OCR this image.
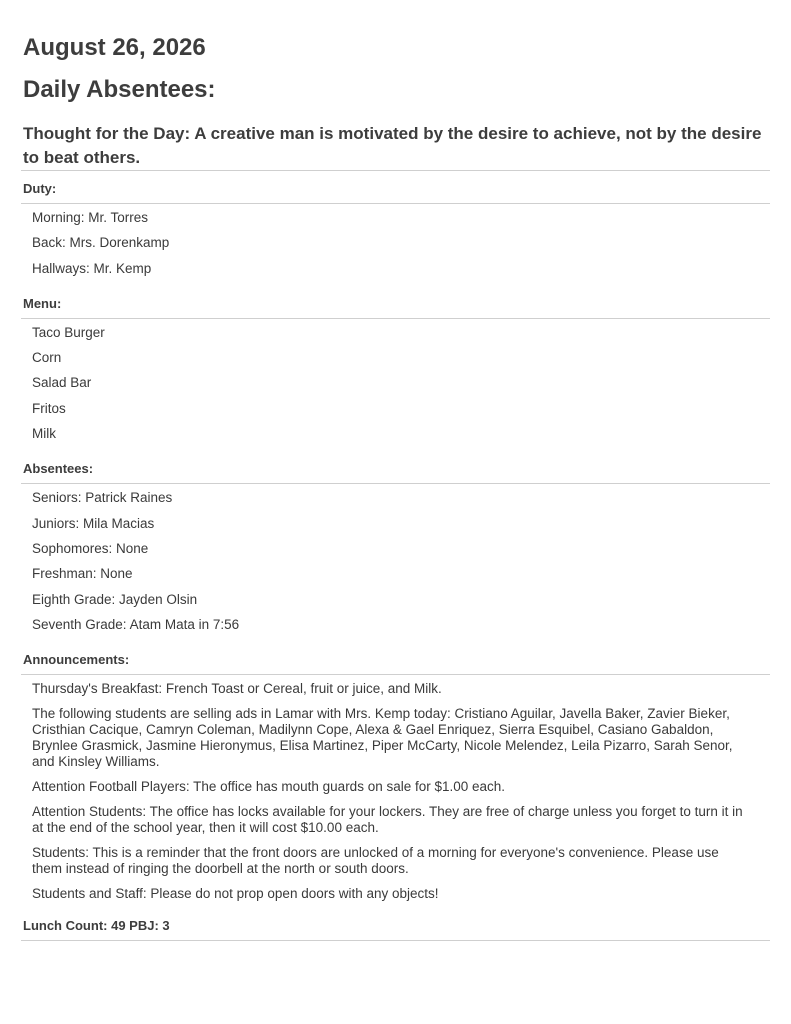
August 26, 2026
Daily Absentees:
Thought for the Day: A creative man is motivated by the desire to achieve, not by the desire to beat others.
Duty:
Morning: Mr. Torres
Back: Mrs. Dorenkamp
Hallways: Mr. Kemp
Menu:
Taco Burger
Corn
Salad Bar
Fritos
Milk
Absentees:
Seniors: Patrick Raines
Juniors: Mila Macias
Sophomores: None
Freshman: None
Eighth Grade: Jayden Olsin
Seventh Grade: Atam Mata in 7:56
Announcements:
Thursday's Breakfast: French Toast or Cereal, fruit or juice, and Milk.
The following students are selling ads in Lamar with Mrs. Kemp today: Cristiano Aguilar, Javella Baker, Zavier Bieker, Cristhian Cacique, Camryn Coleman, Madilynn Cope, Alexa & Gael Enriquez, Sierra Esquibel, Casiano Gabaldon, Brynlee Grasmick, Jasmine Hieronymus, Elisa Martinez, Piper McCarty, Nicole Melendez, Leila Pizarro, Sarah Senor, and Kinsley Williams.
Attention Football Players: The office has mouth guards on sale for $1.00 each.
Attention Students: The office has locks available for your lockers. They are free of charge unless you forget to turn it in at the end of the school year, then it will cost $10.00 each.
Students: This is a reminder that the front doors are unlocked of a morning for everyone's convenience. Please use them instead of ringing the doorbell at the north or south doors.
Students and Staff: Please do not prop open doors with any objects!
Lunch Count: 49 PBJ: 3
